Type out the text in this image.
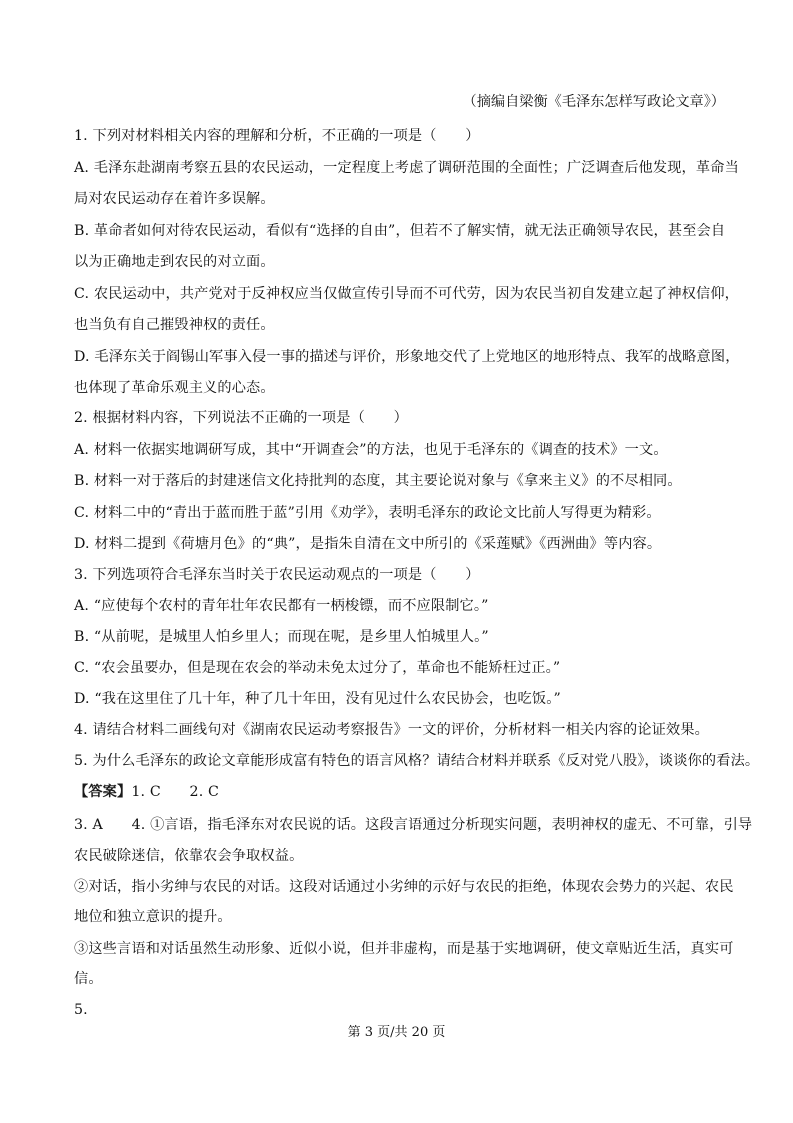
（摘编自梁衡《毛泽东怎样写政论文章》）
1. 下列对材料相关内容的理解和分析，不正确的一项是（　　）
A. 毛泽东赴湖南考察五县的农民运动，一定程度上考虑了调研范围的全面性；广泛调查后他发现，革命当
局对农民运动存在着许多误解。
B. 革命者如何对待农民运动，看似有“选择的自由”，但若不了解实情，就无法正确领导农民，甚至会自
以为正确地走到农民的对立面。
C. 农民运动中，共产党对于反神权应当仅做宣传引导而不可代劳，因为农民当初自发建立起了神权信仰，
也当负有自己摧毁神权的责任。
D. 毛泽东关于阎锡山军事入侵一事的描述与评价，形象地交代了上党地区的地形特点、我军的战略意图，
也体现了革命乐观主义的心态。
2. 根据材料内容，下列说法不正确的一项是（　　）
A. 材料一依据实地调研写成，其中“开调查会”的方法，也见于毛泽东的《调查的技术》一文。
B. 材料一对于落后的封建迷信文化持批判的态度，其主要论说对象与《拿来主义》的不尽相同。
C. 材料二中的“青出于蓝而胜于蓝”引用《劝学》，表明毛泽东的政论文比前人写得更为精彩。
D. 材料二提到《荷塘月色》的“典”，是指朱自清在文中所引的《采莲赋》《西洲曲》等内容。
3. 下列选项符合毛泽东当时关于农民运动观点的一项是（　　）
A. “应使每个农村的青年壮年农民都有一柄梭镖，而不应限制它。”
B. “从前呢，是城里人怕乡里人；而现在呢，是乡里人怕城里人。”
C. “农会虽要办，但是现在农会的举动未免太过分了，革命也不能矫枉过正。”
D. “我在这里住了几十年，种了几十年田，没有见过什么农民协会，也吃饭。”
4. 请结合材料二画线句对《湖南农民运动考察报告》一文的评价，分析材料一相关内容的论证效果。
5. 为什么毛泽东的政论文章能形成富有特色的语言风格？请结合材料并联系《反对党八股》，谈谈你的看法。
【答案】1. C　　2. C
3. A　　4. ①言语，指毛泽东对农民说的话。这段言语通过分析现实问题，表明神权的虚无、不可靠，引导
农民破除迷信，依靠农会争取权益。
②对话，指小劣绅与农民的对话。这段对话通过小劣绅的示好与农民的拒绝，体现农会势力的兴起、农民
地位和独立意识的提升。
③这些言语和对话虽然生动形象、近似小说，但并非虚构，而是基于实地调研，使文章贴近生活，真实可
信。
5.
第 3 页/共 20 页
